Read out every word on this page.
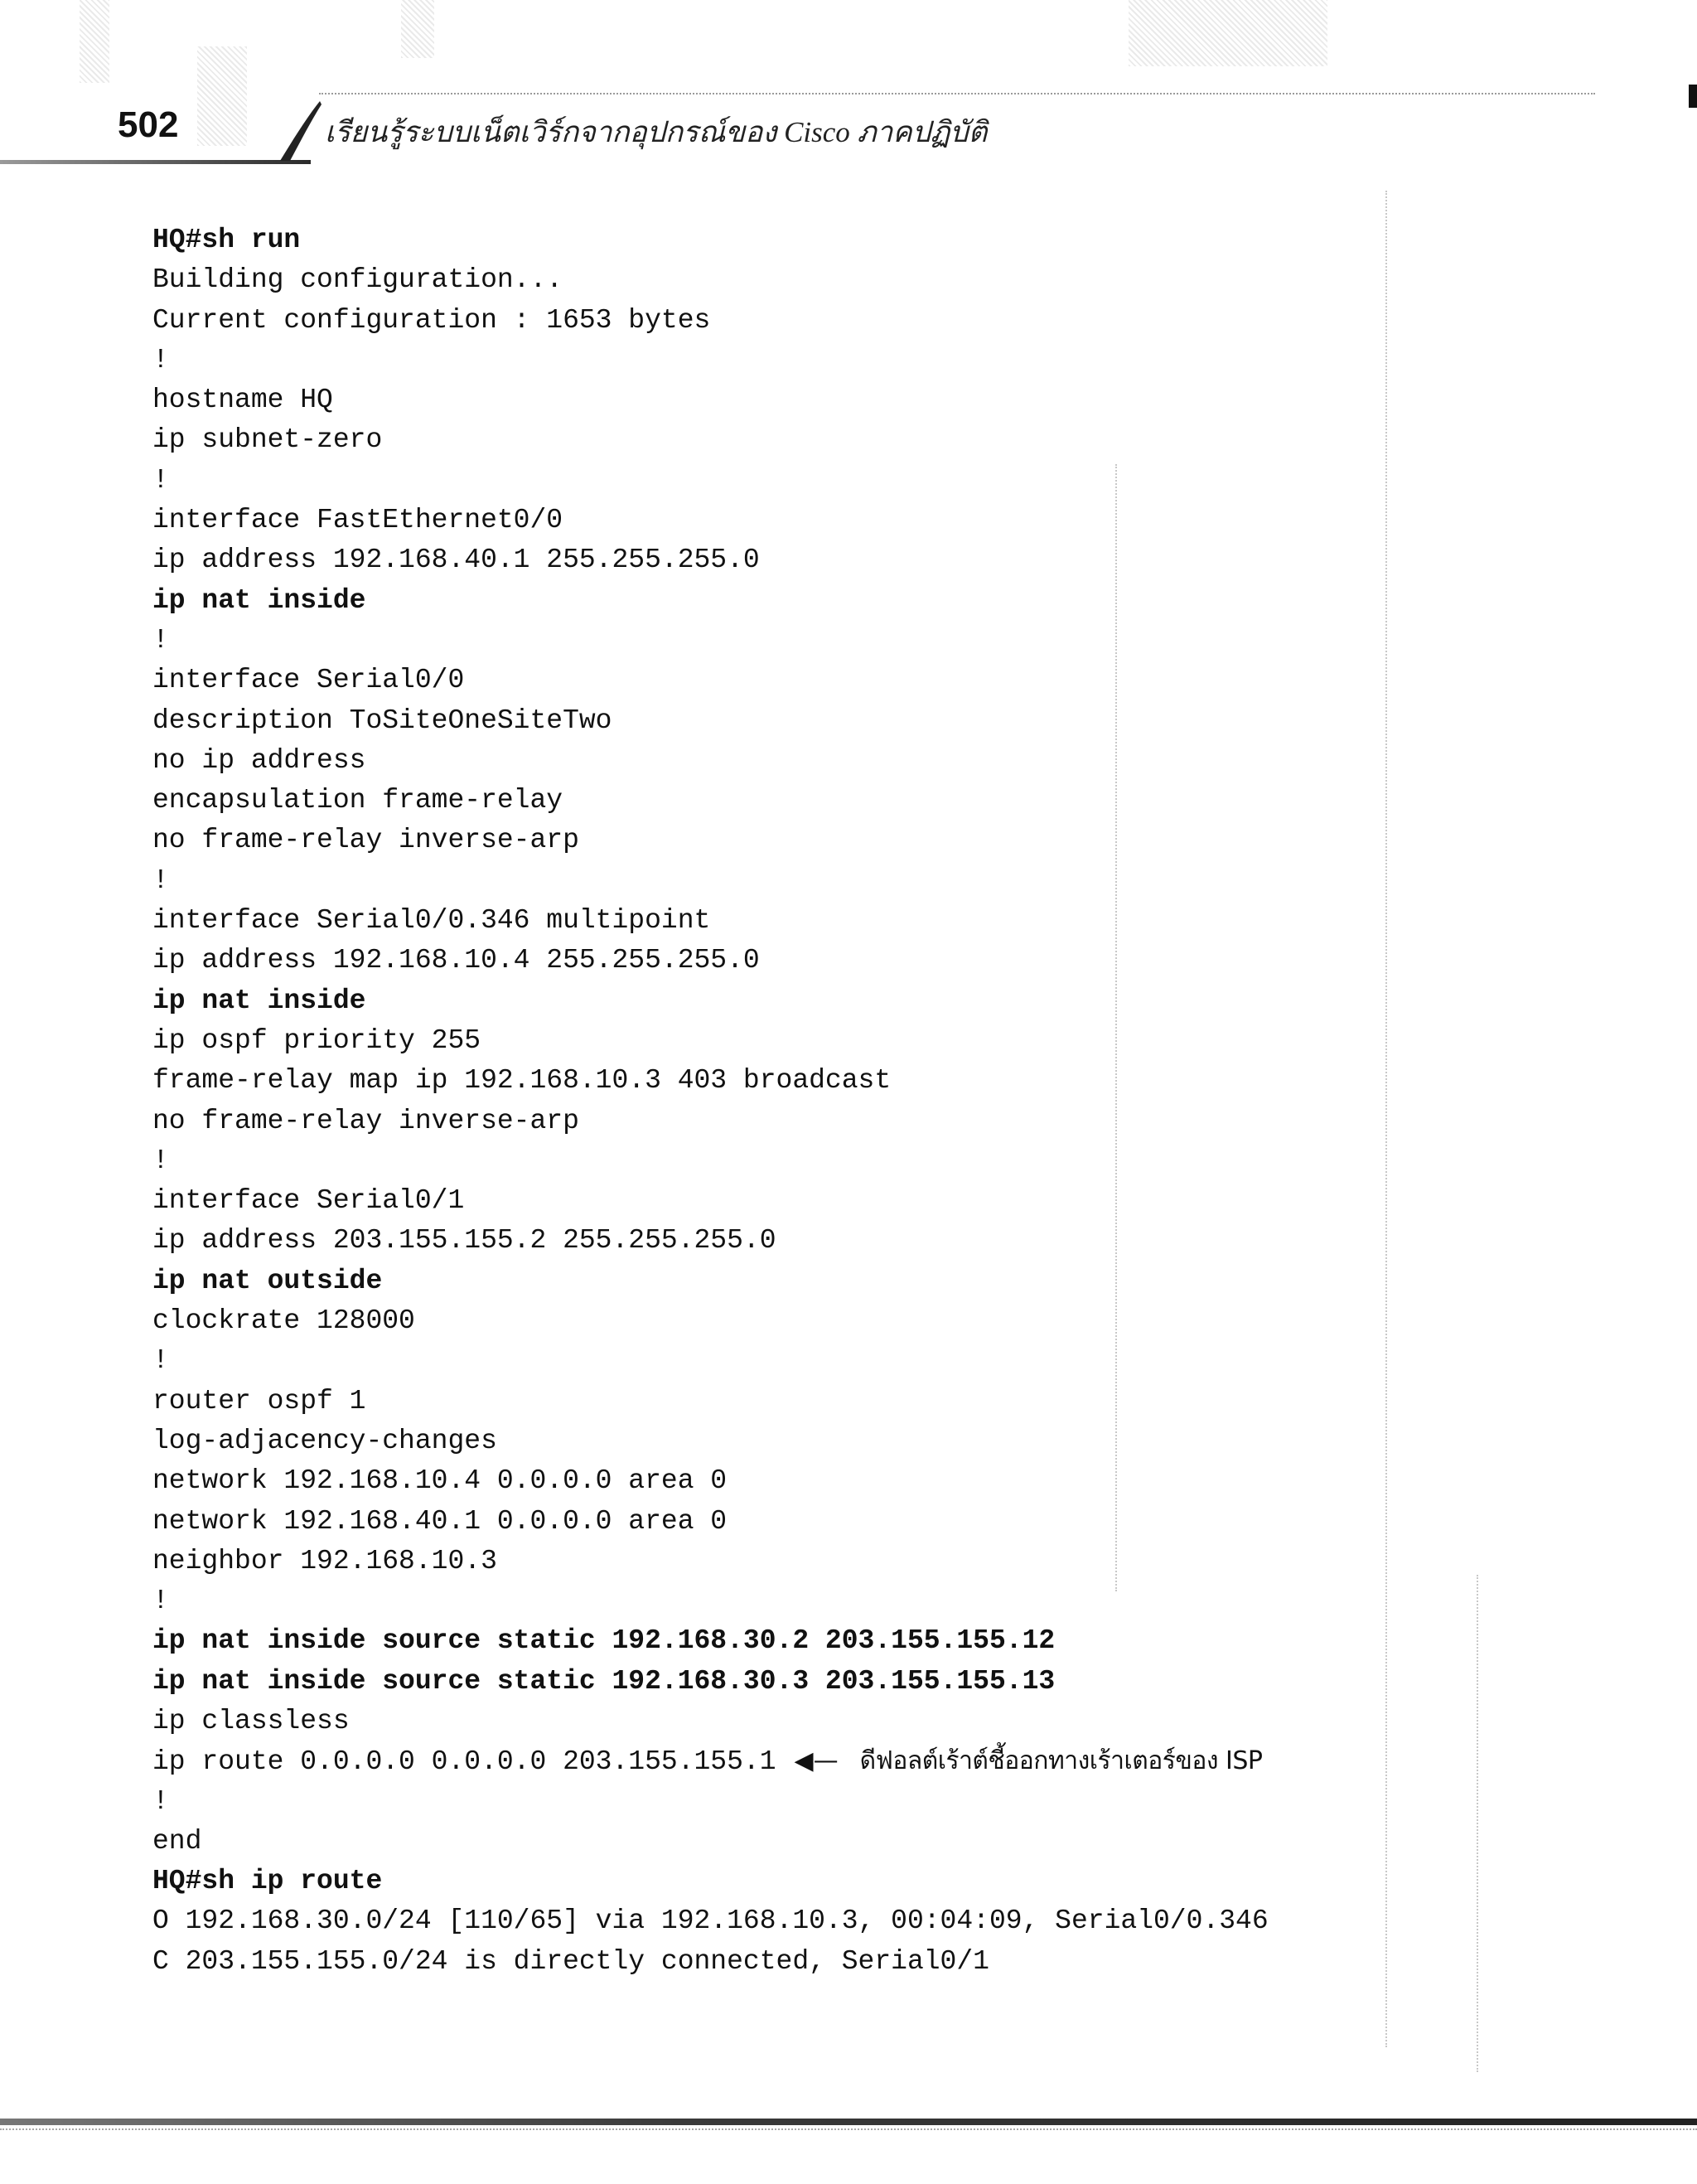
502	เรียนรู้ระบบเน็ตเวิร์กจากอุปกรณ์ของ Cisco ภาคปฏิบัติ
HQ#sh run
Building configuration...
Current configuration : 1653 bytes
!
hostname HQ
ip subnet-zero
!
interface FastEthernet0/0
ip address 192.168.40.1 255.255.255.0
ip nat inside
!
interface Serial0/0
description ToSiteOneSiteTwo
no ip address
encapsulation frame-relay
no frame-relay inverse-arp
!
interface Serial0/0.346 multipoint
ip address 192.168.10.4 255.255.255.0
ip nat inside
ip ospf priority 255
frame-relay map ip 192.168.10.3 403 broadcast
no frame-relay inverse-arp
!
interface Serial0/1
ip address 203.155.155.2 255.255.255.0
ip nat outside
clockrate 128000
!
router ospf 1
log-adjacency-changes
network 192.168.10.4 0.0.0.0 area 0
network 192.168.40.1 0.0.0.0 area 0
neighbor 192.168.10.3
!
ip nat inside source static 192.168.30.2 203.155.155.12
ip nat inside source static 192.168.30.3 203.155.155.13
ip classless
ip route 0.0.0.0 0.0.0.0 203.155.155.1 ◀— ดีฟอลต์เร้าต์ชี้ออกทางเร้าเตอร์ของ ISP
!
end
HQ#sh ip route
O 192.168.30.0/24 [110/65] via 192.168.10.3, 00:04:09, Serial0/0.346
C 203.155.155.0/24 is directly connected, Serial0/1
